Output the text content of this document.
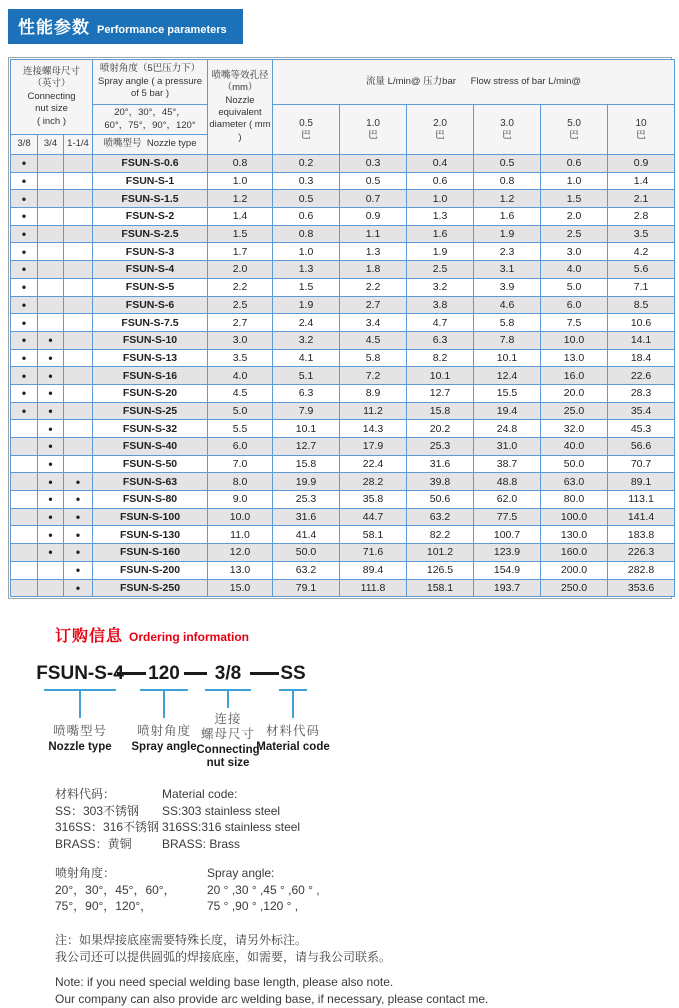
性能参数 Performance parameters
连接螺母尺寸
（英寸）
Connecting
nut size
( inch )			喷射角度（5巴压力下）
Spray angle ( a pressure of 5 bar )	喷嘴等效孔径
（mm）
Nozzle
equivalent
diameter ( mm )	流量 L/min@ 压力bar Flow stress of bar L/min@					

			20°，30°，45°，
60°，75°，90°，120°		0.5
巴	1.0
巴	2.0
巴	3.0
巴	5.0
巴	10
巴

3/8	3/4	1-1/4	喷嘴型号 Nozzle type							
•			FSUN-S-0.6	0.8	0.2	0.3	0.4	0.5	0.6	0.9
•			FSUN-S-1	1.0	0.3	0.5	0.6	0.8	1.0	1.4
•			FSUN-S-1.5	1.2	0.5	0.7	1.0	1.2	1.5	2.1
•			FSUN-S-2	1.4	0.6	0.9	1.3	1.6	2.0	2.8
•			FSUN-S-2.5	1.5	0.8	1.1	1.6	1.9	2.5	3.5
•			FSUN-S-3	1.7	1.0	1.3	1.9	2.3	3.0	4.2
•			FSUN-S-4	2.0	1.3	1.8	2.5	3.1	4.0	5.6
•			FSUN-S-5	2.2	1.5	2.2	3.2	3.9	5.0	7.1
•			FSUN-S-6	2.5	1.9	2.7	3.8	4.6	6.0	8.5
•			FSUN-S-7.5	2.7	2.4	3.4	4.7	5.8	7.5	10.6
•	•		FSUN-S-10	3.0	3.2	4.5	6.3	7.8	10.0	14.1
•	•		FSUN-S-13	3.5	4.1	5.8	8.2	10.1	13.0	18.4
•	•		FSUN-S-16	4.0	5.1	7.2	10.1	12.4	16.0	22.6
•	•		FSUN-S-20	4.5	6.3	8.9	12.7	15.5	20.0	28.3
•	•		FSUN-S-25	5.0	7.9	11.2	15.8	19.4	25.0	35.4
	•		FSUN-S-32	5.5	10.1	14.3	20.2	24.8	32.0	45.3
	•		FSUN-S-40	6.0	12.7	17.9	25.3	31.0	40.0	56.6
	•		FSUN-S-50	7.0	15.8	22.4	31.6	38.7	50.0	70.7
	•	•	FSUN-S-63	8.0	19.9	28.2	39.8	48.8	63.0	89.1
	•	•	FSUN-S-80	9.0	25.3	35.8	50.6	62.0	80.0	113.1
	•	•	FSUN-S-100	10.0	31.6	44.7	63.2	77.5	100.0	141.4
	•	•	FSUN-S-130	11.0	41.4	58.1	82.2	100.7	130.0	183.8
	•	•	FSUN-S-160	12.0	50.0	71.6	101.2	123.9	160.0	226.3
		•	FSUN-S-200	13.0	63.2	89.4	126.5	154.9	200.0	282.8
		•	FSUN-S-250	15.0	79.1	111.8	158.1	193.7	250.0	353.6
订购信息 Ordering information
FSUN-S-4
喷嘴型号
Nozzle type
120
喷射角度
Spray angle
3/8
连接
螺母尺寸
Connecting
nut size
SS
材料代码
Material code
材料代码：	Material code:
SS：303不锈钢	SS:303 stainless steel
316SS：316不锈钢 316SS:316 stainless steel
BRASS：黄铜	BRASS: Brass
喷射角度：	Spray angle:
20°，30°，45°，60°，	20 ° ,30 ° ,45 ° ,60 ° ,
75°，90°，120°，	75 ° ,90 ° ,120 ° ,
注：如果焊接底座需要特殊长度，请另外标注。
我公司还可以提供圆弧的焊接底座，如需要，请与我公司联系。
Note: if you need special welding base length, please also note.
Our company can also provide arc welding base, if necessary, please contact me.
